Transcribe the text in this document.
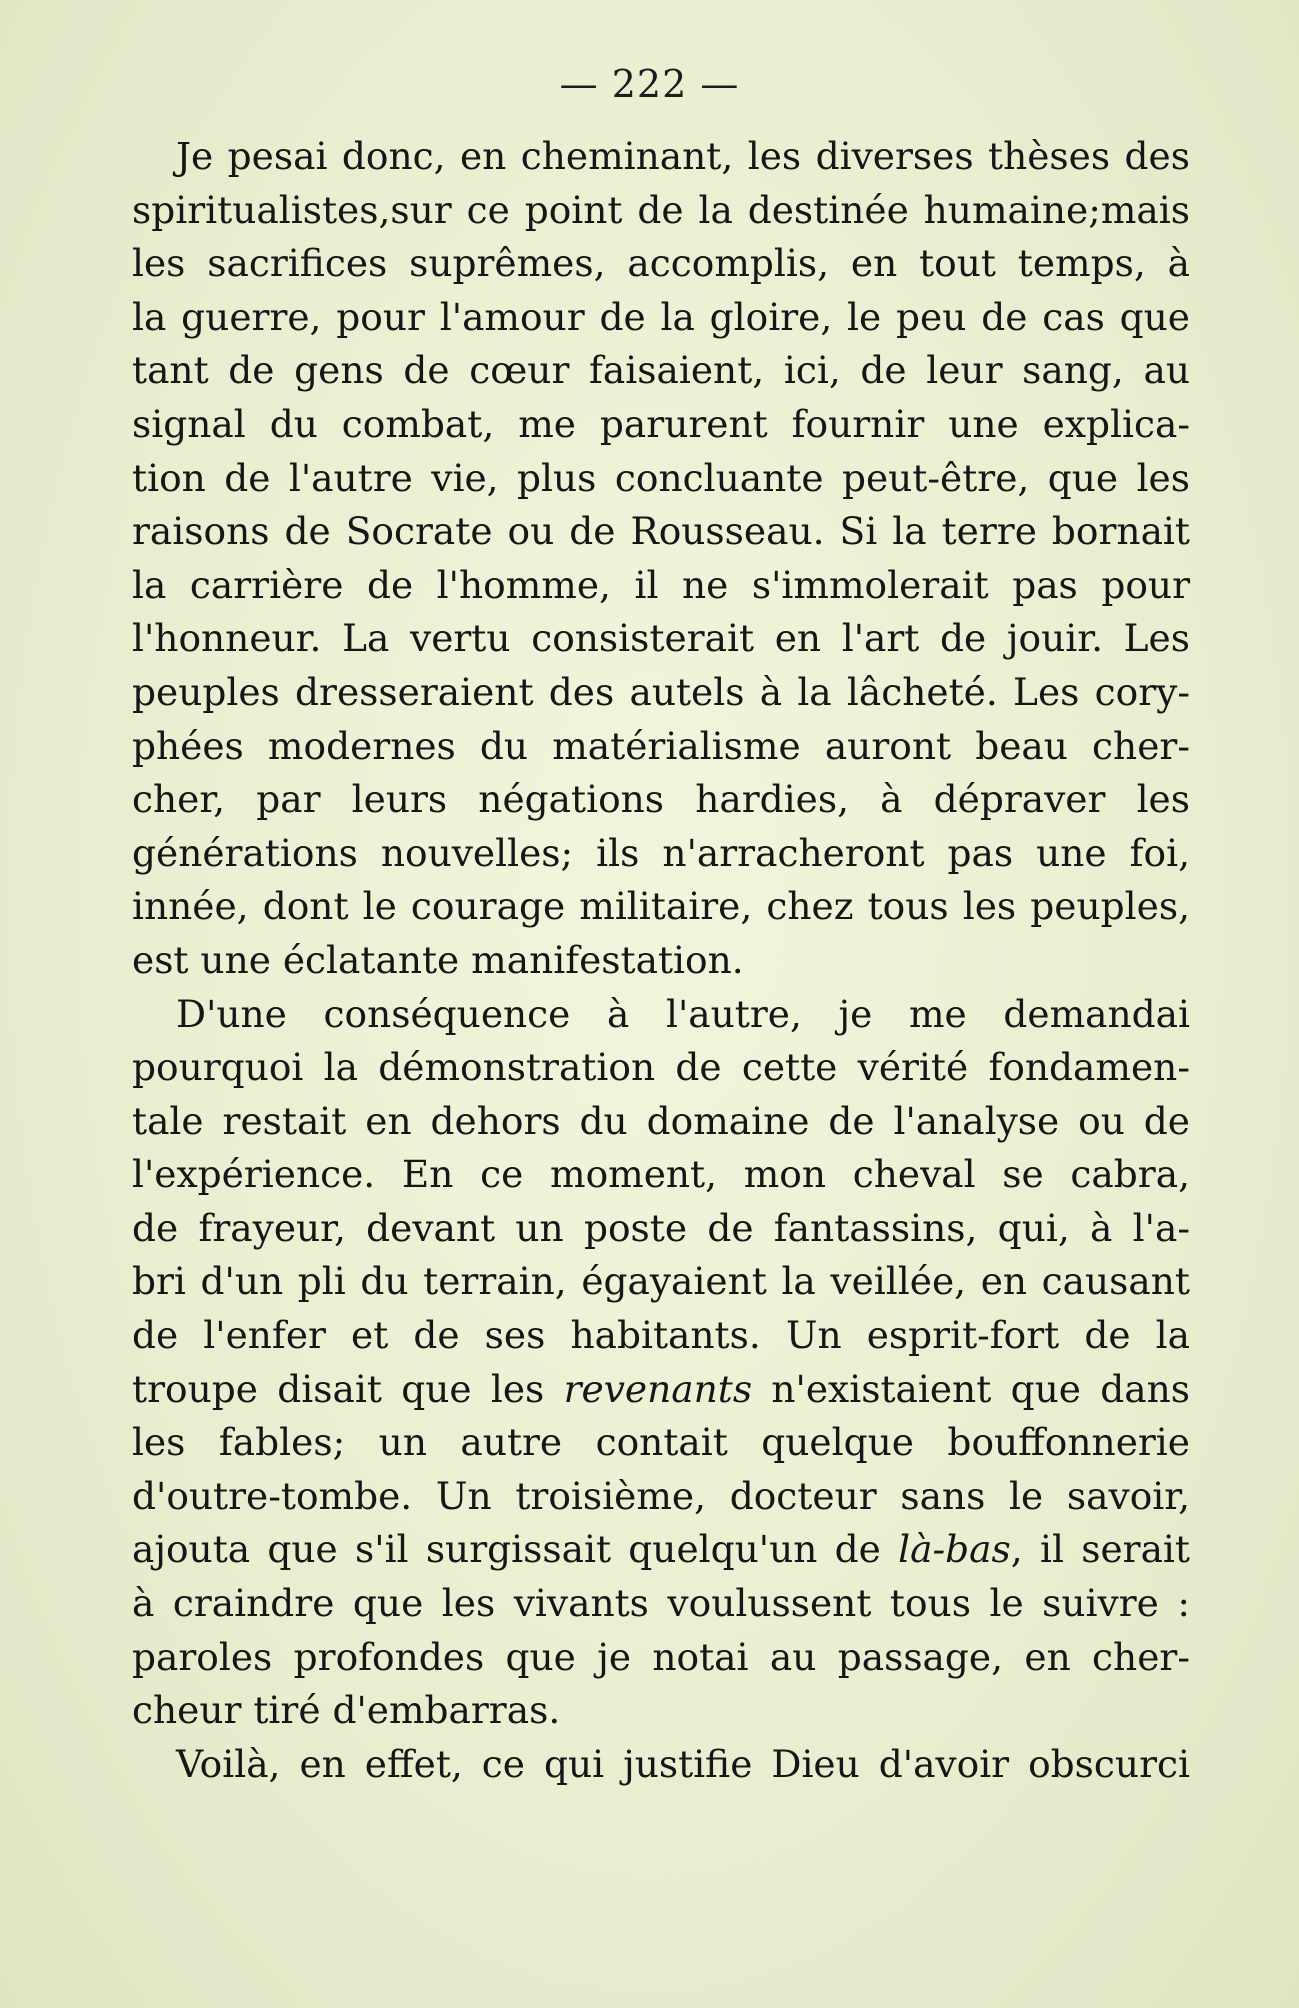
— 222 —
Je pesai donc, en cheminant, les diverses thèses des
spiritualistes,sur ce point de la destinée humaine;mais
les sacrifices suprêmes, accomplis, en tout temps, à
la guerre, pour l'amour de la gloire, le peu de cas que
tant de gens de cœur faisaient, ici, de leur sang, au
signal du combat, me parurent fournir une explica-
tion de l'autre vie, plus concluante peut-être, que les
raisons de Socrate ou de Rousseau. Si la terre bornait
la carrière de l'homme, il ne s'immolerait pas pour
l'honneur. La vertu consisterait en l'art de jouir. Les
peuples dresseraient des autels à la lâcheté. Les cory-
phées modernes du matérialisme auront beau cher-
cher, par leurs négations hardies, à dépraver les
générations nouvelles; ils n'arracheront pas une foi,
innée, dont le courage militaire, chez tous les peuples,
est une éclatante manifestation.
D'une conséquence à l'autre, je me demandai
pourquoi la démonstration de cette vérité fondamen-
tale restait en dehors du domaine de l'analyse ou de
l'expérience. En ce moment, mon cheval se cabra,
de frayeur, devant un poste de fantassins, qui, à l'a-
bri d'un pli du terrain, égayaient la veillée, en causant
de l'enfer et de ses habitants. Un esprit-fort de la
troupe disait que les revenants n'existaient que dans
les fables; un autre contait quelque bouffonnerie
d'outre-tombe. Un troisième, docteur sans le savoir,
ajouta que s'il surgissait quelqu'un de là-bas, il serait
à craindre que les vivants voulussent tous le suivre :
paroles profondes que je notai au passage, en cher-
cheur tiré d'embarras.
Voilà, en effet, ce qui justifie Dieu d'avoir obscurci
